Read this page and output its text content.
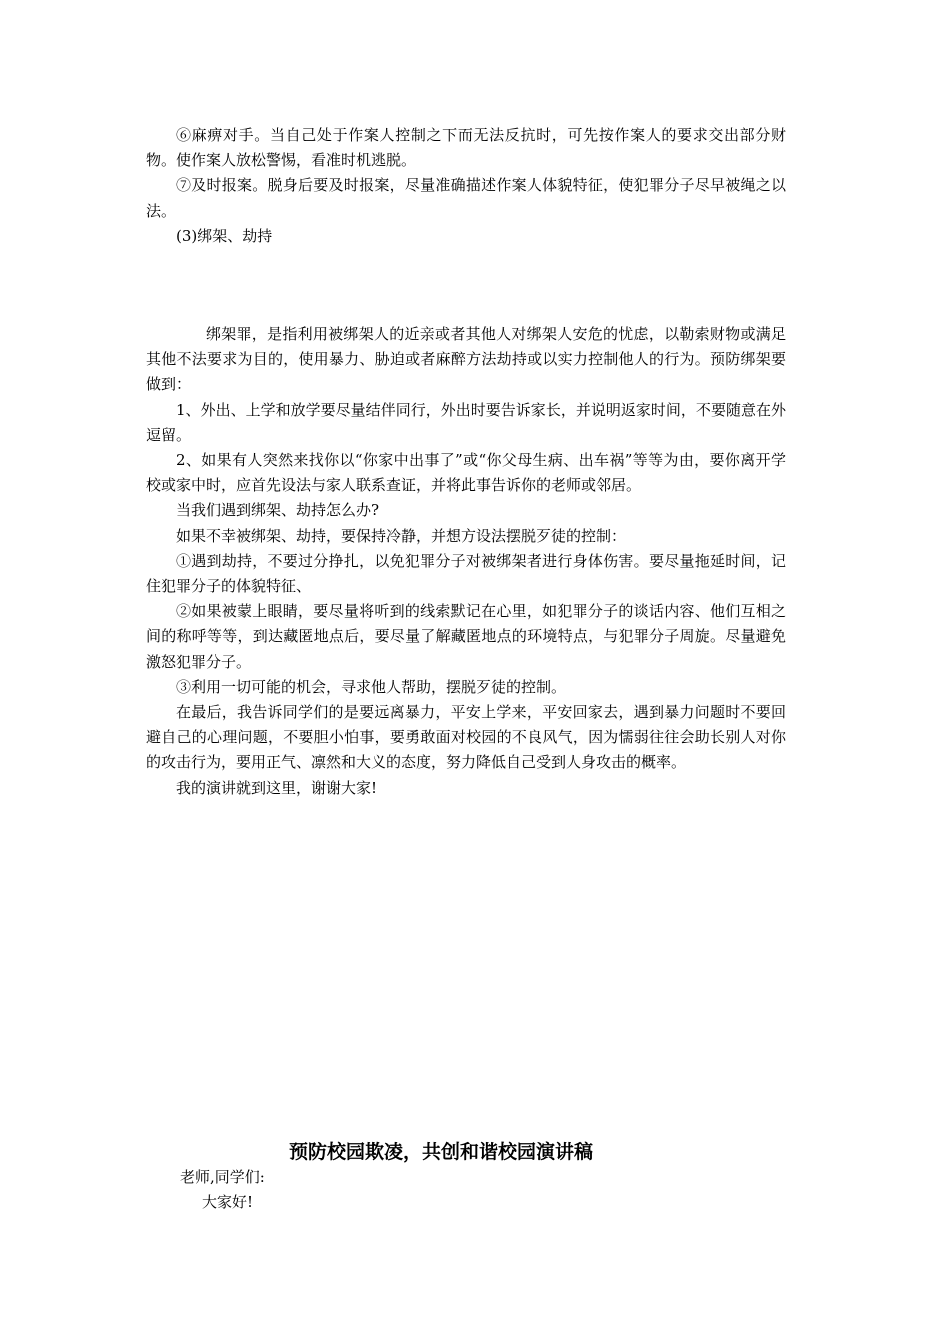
⑥麻痹对手。当自己处于作案人控制之下而无法反抗时，可先按作案人的要求交出部分财物。使作案人放松警惕，看准时机逃脱。

⑦及时报案。脱身后要及时报案，尽量准确描述作案人体貌特征，使犯罪分子尽早被绳之以法。

(3)绑架、劫持

绑架罪，是指利用被绑架人的近亲或者其他人对绑架人安危的忧虑，以勒索财物或满足其他不法要求为目的，使用暴力、胁迫或者麻醉方法劫持或以实力控制他人的行为。预防绑架要做到：

1、外出、上学和放学要尽量结伴同行，外出时要告诉家长，并说明返家时间，不要随意在外逗留。

2、如果有人突然来找你以“你家中出事了”或“你父母生病、出车祸”等等为由，要你离开学校或家中时，应首先设法与家人联系查证，并将此事告诉你的老师或邻居。

当我们遇到绑架、劫持怎么办?

如果不幸被绑架、劫持，要保持冷静，并想方设法摆脱歹徒的控制：

①遇到劫持，不要过分挣扎，以免犯罪分子对被绑架者进行身体伤害。要尽量拖延时间，记住犯罪分子的体貌特征、

②如果被蒙上眼睛，要尽量将听到的线索默记在心里，如犯罪分子的谈话内容、他们互相之间的称呼等等，到达藏匿地点后，要尽量了解藏匿地点的环境特点，与犯罪分子周旋。尽量避免激怒犯罪分子。

③利用一切可能的机会，寻求他人帮助，摆脱歹徒的控制。

在最后，我告诉同学们的是要远离暴力，平安上学来，平安回家去，遇到暴力问题时不要回避自己的心理问题，不要胆小怕事，要勇敢面对校园的不良风气，因为懦弱往往会助长别人对你的攻击行为，要用正气、凛然和大义的态度，努力降低自己受到人身攻击的概率。

我的演讲就到这里，谢谢大家!

预防校园欺凌，共创和谐校园演讲稿
老师,同学们:
大家好!
